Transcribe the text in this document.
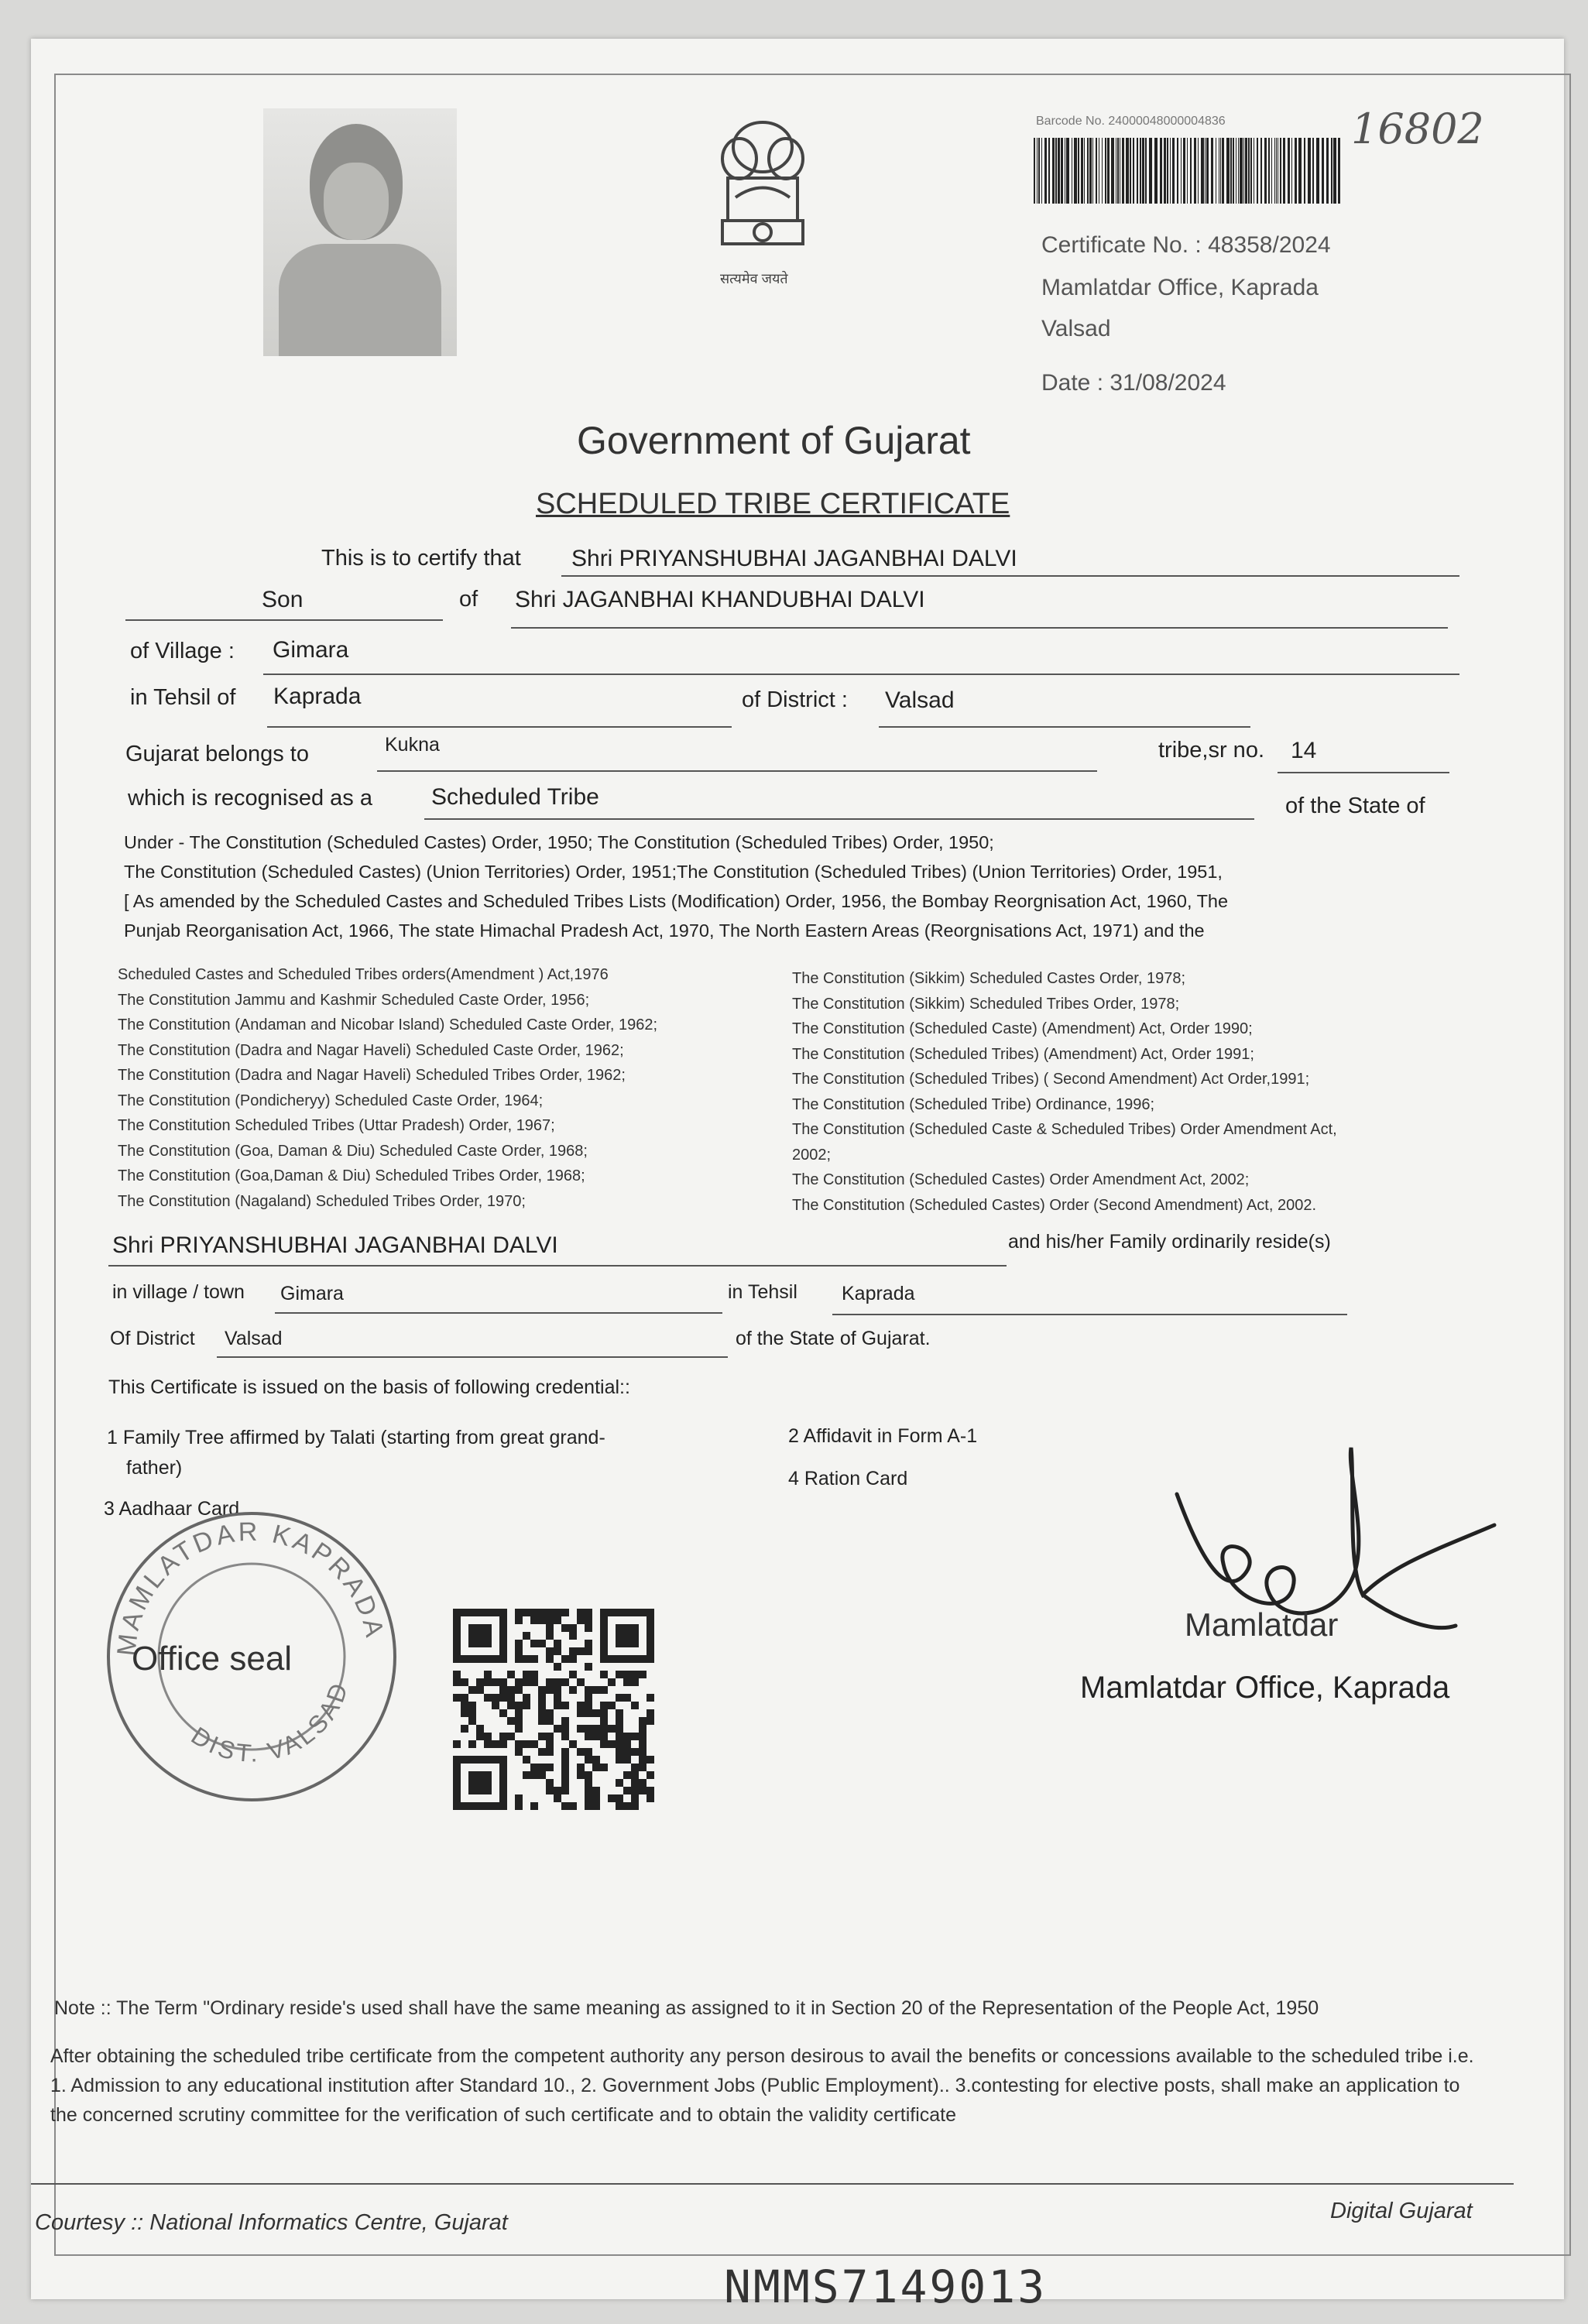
सत्यमेव जयते
Barcode No. 24000048000004836	16802
Certificate No. : 48358/2024
Mamlatdar Office, Kaprada
Valsad
Date : 31/08/2024
Government of Gujarat
SCHEDULED TRIBE CERTIFICATE
This is to certify that Shri PRIYANSHUBHAI JAGANBHAI DALVI
Son	of Shri JAGANBHAI KHANDUBHAI DALVI
of Village : Gimara
in Tehsil of Kaprada	of District : Valsad
Gujarat belongs to	Kukna	tribe,sr no. 14
which is recognised as a	Scheduled Tribe	of the State of
Under - The Constitution (Scheduled Castes) Order, 1950; The Constitution (Scheduled Tribes) Order, 1950;
The Constitution (Scheduled Castes) (Union Territories) Order, 1951;The Constitution (Scheduled Tribes) (Union Territories) Order, 1951,
[ As amended by the Scheduled Castes and Scheduled Tribes Lists (Modification) Order, 1956, the Bombay Reorgnisation Act, 1960, The
Punjab Reorganisation Act, 1966, The state Himachal Pradesh Act, 1970, The North Eastern Areas (Reorgnisations Act, 1971) and the
Scheduled Castes and Scheduled Tribes orders(Amendment ) Act,1976
The Constitution Jammu and Kashmir Scheduled Caste Order, 1956;
The Constitution (Andaman and Nicobar Island) Scheduled Caste Order, 1962;
The Constitution (Dadra and Nagar Haveli) Scheduled Caste Order, 1962;
The Constitution (Dadra and Nagar Haveli) Scheduled Tribes Order, 1962;
The Constitution (Pondicheryy) Scheduled Caste Order, 1964;
The Constitution Scheduled Tribes (Uttar Pradesh) Order, 1967;
The Constitution (Goa, Daman & Diu) Scheduled Caste Order, 1968;
The Constitution (Goa,Daman & Diu) Scheduled Tribes Order, 1968;
The Constitution (Nagaland) Scheduled Tribes Order, 1970;
The Constitution (Sikkim) Scheduled Castes Order, 1978;
The Constitution (Sikkim) Scheduled Tribes Order, 1978;
The Constitution (Scheduled Caste) (Amendment) Act, Order 1990;
The Constitution (Scheduled Tribes) (Amendment) Act, Order 1991;
The Constitution (Scheduled Tribes) ( Second Amendment) Act Order,1991;
The Constitution (Scheduled Tribe) Ordinance, 1996;
The Constitution (Scheduled Caste & Scheduled Tribes) Order Amendment Act,
2002;
The Constitution (Scheduled Castes) Order Amendment Act, 2002;
The Constitution (Scheduled Castes) Order (Second Amendment) Act, 2002.
Shri PRIYANSHUBHAI JAGANBHAI DALVI	and his/her Family ordinarily reside(s)
in village / town Gimara	in Tehsil Kaprada
Of District Valsad	of the State of Gujarat.
This Certificate is issued on the basis of following credential::
1 Family Tree affirmed by Talati (starting from great grand-
father)
2 Affidavit in Form A-1
4 Ration Card
3 Aadhaar Card
MAMLATDAR KAPRADA
DIST. VALSAD
Office seal
Mamlatdar
Mamlatdar Office, Kaprada
Note :: The Term "Ordinary reside's used shall have the same meaning as assigned to it in Section 20 of the Representation of the People Act, 1950
After obtaining the scheduled tribe certificate from the competent authority any person desirous to avail the benefits or concessions available to the scheduled tribe i.e. 1. Admission to any educational institution after Standard 10., 2. Government Jobs (Public Employment).. 3.contesting for elective posts, shall make an application to the concerned scrutiny committee for the verification of such certificate and to obtain the validity certificate
Courtesy :: National Informatics Centre, Gujarat	Digital Gujarat
NMMS7149013
